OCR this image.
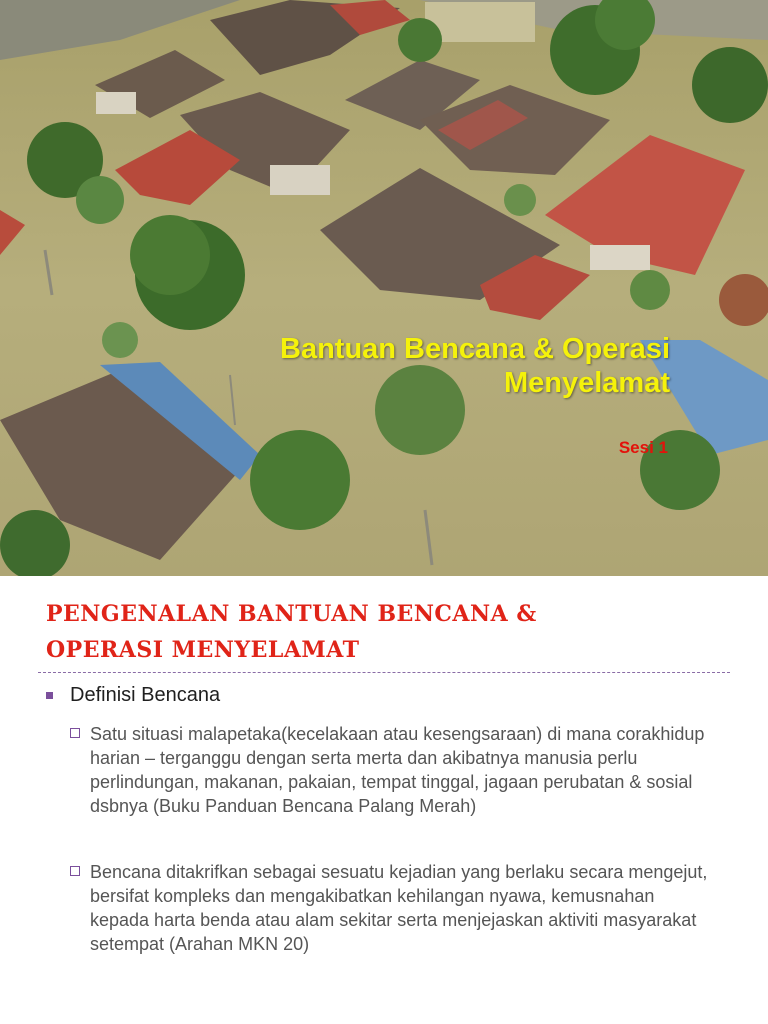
Bantuan Bencana & Operasi
Menyelamat
Sesi 1
PENGENALAN BANTUAN BENCANA &
OPERASI MENYELAMAT
Definisi Bencana
Satu situasi malapetaka(kecelakaan atau kesengsaraan) di mana corakhidup harian – terganggu dengan serta merta dan akibatnya manusia perlu perlindungan, makanan, pakaian, tempat tinggal, jagaan perubatan & sosial dsbnya (Buku Panduan Bencana Palang Merah)
Bencana ditakrifkan sebagai sesuatu kejadian yang berlaku secara mengejut, bersifat kompleks dan mengakibatkan kehilangan nyawa, kemusnahan kepada harta benda atau alam sekitar serta menjejaskan aktiviti masyarakat setempat (Arahan MKN 20)
